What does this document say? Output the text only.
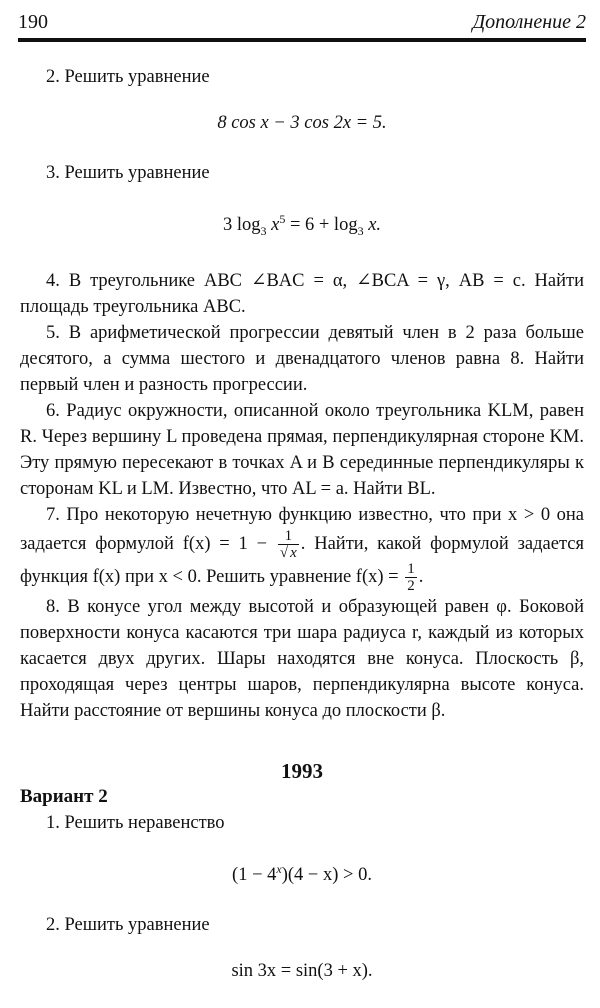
190	Дополнение 2

2. Решить уравнение

8 cos x − 3 cos 2x = 5.

3. Решить уравнение

3 $\log_3 x^5 = 6 + \log_3 x$.

4. В треугольнике ABC ∠BAC = α, ∠BCA = γ, AB = c. Найти площадь треугольника ABC.

5. В арифметической прогрессии девятый член в 2 раза больше десятого, а сумма шестого и двенадцатого членов равна 8. Найти первый член и разность прогрессии.

6. Радиус окружности, описанной около треугольника KLM, равен R. Через вершину L проведена прямая, перпендикулярная стороне KM. Эту прямую пересекают в точках A и B серединные перпендикуляры к сторонам KL и LM. Известно, что AL = a. Найти BL.

7. Про некоторую нечетную функцию известно, что при x > 0 она задается формулой $f(x) = 1 - \frac{1}{√ x}$ . Найти, какой формулой задается функция f(x) при x < 0. Решить уравнение $f(x) = \frac{1}{2}$ .

8. В конусе угол между высотой и образующей равен φ. Боковой поверхности конуса касаются три шара радиуса r, каждый из которых касается двух других. Шары находятся вне конуса. Плоскость β, проходящая через центры шаров, перпендикулярна высоте конуса. Найти расстояние от вершины конуса до плоскости β.

1993

Вариант 2

1. Решить неравенство

$(1 - 4^x)(4 - x) > 0$.

2. Решить уравнение

sin 3x = sin(3 + x).
